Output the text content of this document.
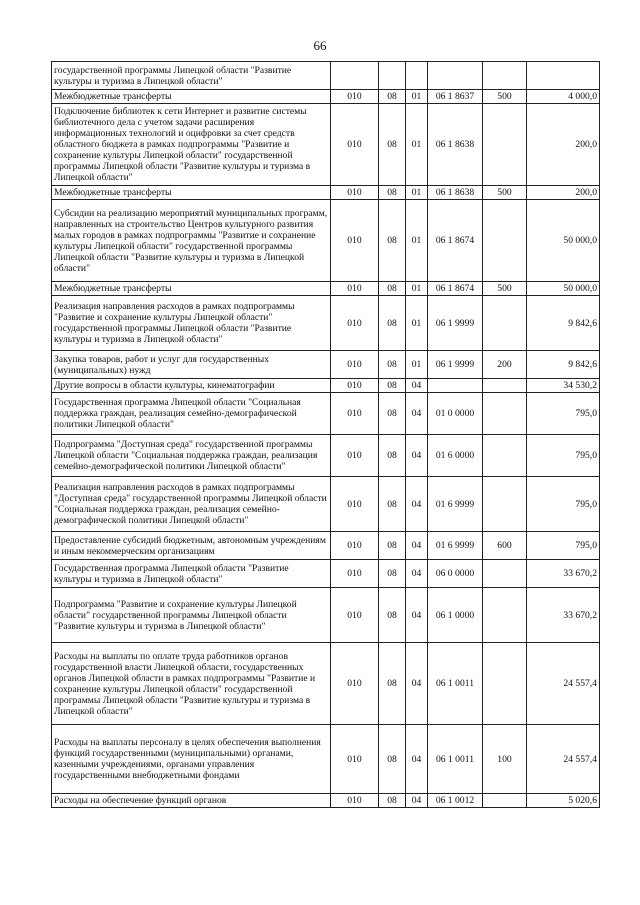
66
государственной программы Липецкой области "Развитие культуры и туризма в Липецкой области"						
Межбюджетные трансферты	010	08	01	06 1 8637	500	4 000,0
Подключение библиотек к сети Интернет и развитие системы библиотечного дела с учетом задачи расширения информационных технологий и оцифровки за счет средств областного бюджета в рамках подпрограммы "Развитие и сохранение культуры Липецкой области" государственной программы Липецкой области "Развитие культуры и туризма в Липецкой области"	010	08	01	06 1 8638		200,0
Межбюджетные трансферты	010	08	01	06 1 8638	500	200,0
Субсидии на реализацию мероприятий муниципальных программ, направленных на строительство Центров культурного развития малых городов в рамках подпрограммы "Развитие и сохранение культуры Липецкой области" государственной программы Липецкой области "Развитие культуры и туризма в Липецкой области"	010	08	01	06 1 8674		50 000,0
Межбюджетные трансферты	010	08	01	06 1 8674	500	50 000,0
Реализация направления расходов в рамках подпрограммы "Развитие и сохранение культуры Липецкой области" государственной программы Липецкой области "Развитие культуры и туризма в Липецкой области"	010	08	01	06 1 9999		9 842,6
Закупка товаров, работ и услуг для государственных (муниципальных) нужд	010	08	01	06 1 9999	200	9 842,6
Другие вопросы в области культуры, кинематографии	010	08	04			34 530,2
Государственная программа Липецкой области "Социальная поддержка граждан, реализация семейно-демографической политики Липецкой области"	010	08	04	01 0 0000		795,0
Подпрограмма "Доступная среда" государственной программы Липецкой области "Социальная поддержка граждан, реализация семейно-демографической политики Липецкой области"	010	08	04	01 6 0000		795,0
Реализация направления расходов в рамках подпрограммы "Доступная среда" государственной программы Липецкой области "Социальная поддержка граждан, реализация семейно-демографической политики Липецкой области"	010	08	04	01 6 9999		795,0
Предоставление субсидий бюджетным, автономным учреждениям и иным некоммерческим организациям	010	08	04	01 6 9999	600	795,0
Государственная программа Липецкой области "Развитие культуры и туризма в Липецкой области"	010	08	04	06 0 0000		33 670,2
Подпрограмма "Развитие и сохранение культуры Липецкой области" государственной программы Липецкой области "Развитие культуры и туризма в Липецкой области"	010	08	04	06 1 0000		33 670,2
Расходы на выплаты по оплате труда работников органов государственной власти Липецкой области, государственных органов Липецкой области в рамках подпрограммы "Развитие и сохранение культуры Липецкой области" государственной программы Липецкой области "Развитие культуры и туризма в Липецкой области"	010	08	04	06 1 0011		24 557,4
Расходы на выплаты персоналу в целях обеспечения выполнения функций государственными (муниципальными) органами, казенными учреждениями, органами управления государственными внебюджетными фондами	010	08	04	06 1 0011	100	24 557,4
Расходы на обеспечение функций органов	010	08	04	06 1 0012		5 020,6
